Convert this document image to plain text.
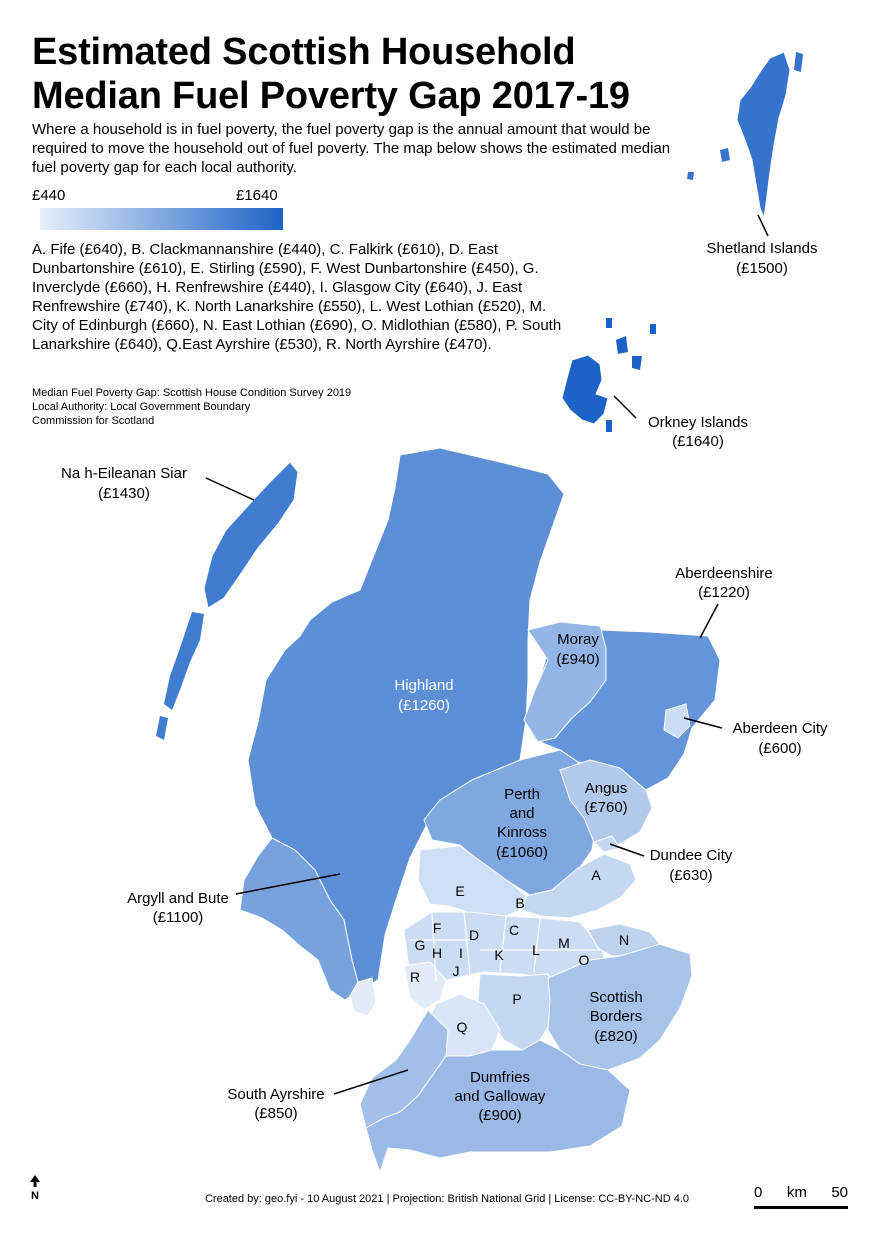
Estimated Scottish Household
Median Fuel Poverty Gap 2017-19
Where a household is in fuel poverty, the fuel poverty gap is the annual amount that would be required to move the household out of fuel poverty. The map below shows the estimated median fuel poverty gap for each local authority.
£440	£1640
A. Fife (£640), B. Clackmannanshire (£440), C. Falkirk (£610), D. East Dunbartonshire (£610), E. Stirling (£590), F. West Dunbartonshire (£450), G. Inverclyde (£660), H. Renfrewshire (£440), I. Glasgow City (£640), J. East Renfrewshire (£740), K. North Lanarkshire (£550), L. West Lothian (£520), M. City of Edinburgh (£660), N. East Lothian (£690), O. Midlothian (£580), P. South Lanarkshire (£640), Q.East Ayrshire (£530), R. North Ayrshire (£470).
Median Fuel Poverty Gap: Scottish House Condition Survey 2019
Local Authority: Local Government Boundary
Commission for Scotland
Shetland Islands
(£1500)
Orkney Islands
(£1640)
Na h-Eileanan Siar
(£1430)
Highland
(£1260)
Aberdeenshire
(£1220)
Moray
(£940)
Aberdeen City
(£600)
Angus
(£760)
Perth
and
Kinross
(£1060)	Dundee City
(£630)
Argyll and Bute
(£1100)
Scottish
Borders
(£820)
Dumfries
and Galloway
(£900)
South Ayrshire
(£850)
A
B
C
D
E
F
G H I
J
K L M	N
O
P
Q
R
N	Created by: geo.fyi - 10 August 2021 | Projection: British National Grid | License: CC-BY-NC-ND 4.0	0 km 50
